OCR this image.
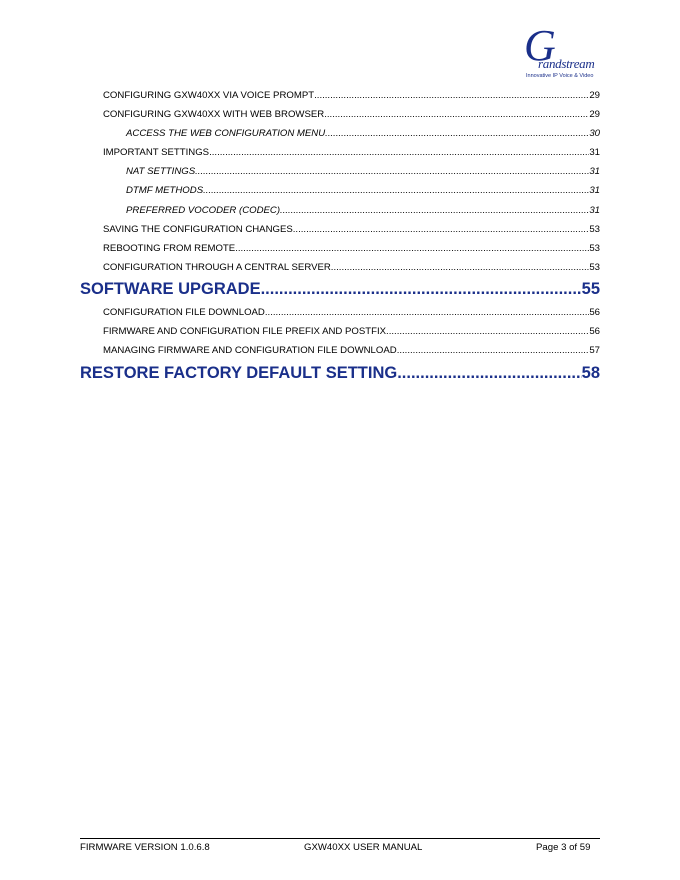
G
randstream
Innovative IP Voice & Video
CONFIGURING GXW40XX VIA VOICE PROMPT .....	29
CONFIGURING GXW40XX WITH WEB BROWSER .....	29
ACCESS THE WEB CONFIGURATION MENU .....	30
IMPORTANT SETTINGS .....	31
NAT SETTINGS .....	31
DTMF METHODS .....	31
PREFERRED VOCODER (CODEC) .....	31
SAVING THE CONFIGURATION CHANGES .....	53
REBOOTING FROM REMOTE .....	53
CONFIGURATION THROUGH A CENTRAL SERVER .....	53
SOFTWARE UPGRADE .....	55
CONFIGURATION FILE DOWNLOAD .....	56
FIRMWARE AND CONFIGURATION FILE PREFIX AND POSTFIX .....	56
MANAGING FIRMWARE AND CONFIGURATION FILE DOWNLOAD .....	57
RESTORE FACTORY DEFAULT SETTING .....	58
FIRMWARE VERSION 1.0.6.8	GXW40XX USER MANUAL	Page 3 of 59
